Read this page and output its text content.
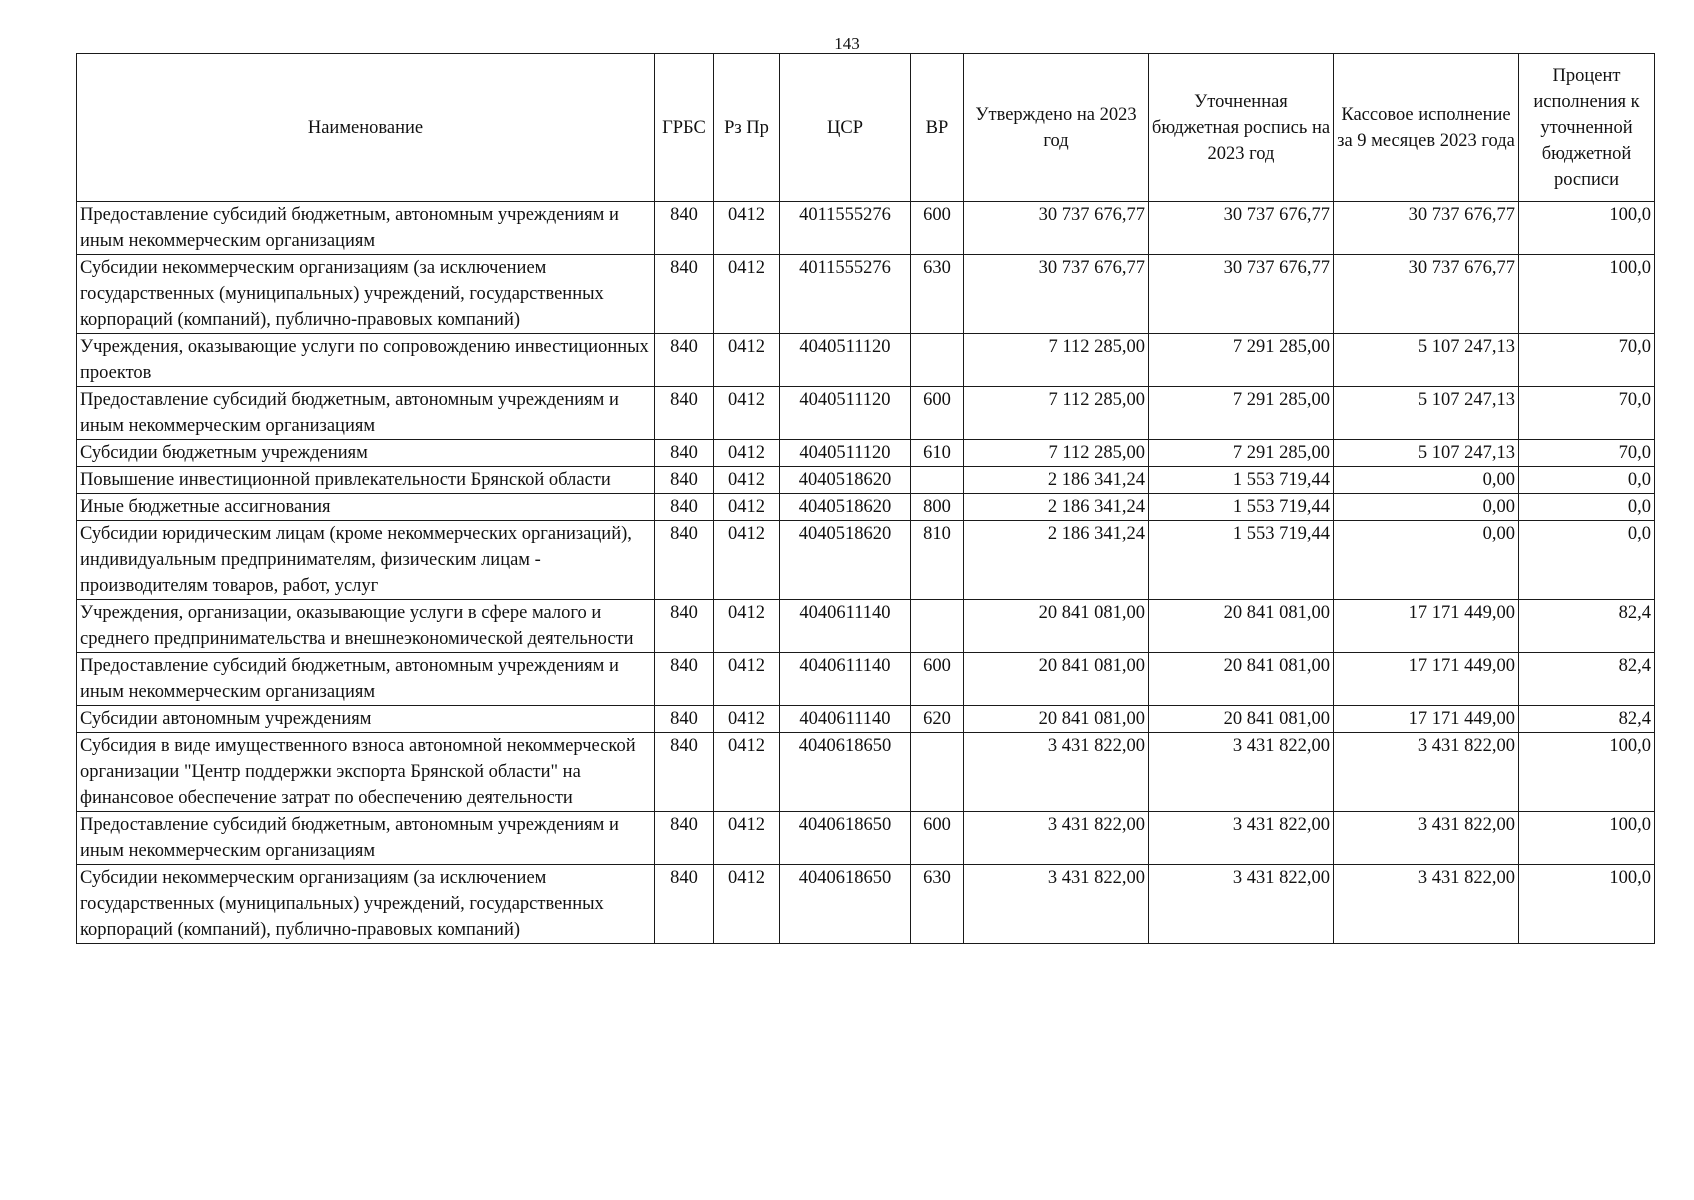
143
Наименование	ГРБС	Рз Пр	ЦСР	ВР	Утверждено на 2023 год	Уточненная бюджетная роспись на 2023 год	Кассовое исполнение за 9 месяцев 2023 года	Процент исполнения к уточненной бюджетной росписи
Предоставление субсидий бюджетным, автономным учреждениям и иным некоммерческим организациям	840	0412	4011555276	600	30 737 676,77	30 737 676,77	30 737 676,77	100,0
Субсидии некоммерческим организациям (за исключением государственных (муниципальных) учреждений, государственных корпораций (компаний), публично-правовых компаний)	840	0412	4011555276	630	30 737 676,77	30 737 676,77	30 737 676,77	100,0
Учреждения, оказывающие услуги по сопровождению инвестиционных проектов	840	0412	4040511120		7 112 285,00	7 291 285,00	5 107 247,13	70,0
Предоставление субсидий бюджетным, автономным учреждениям и иным некоммерческим организациям	840	0412	4040511120	600	7 112 285,00	7 291 285,00	5 107 247,13	70,0
Субсидии бюджетным учреждениям	840	0412	4040511120	610	7 112 285,00	7 291 285,00	5 107 247,13	70,0
Повышение инвестиционной привлекательности Брянской области	840	0412	4040518620		2 186 341,24	1 553 719,44	0,00	0,0
Иные бюджетные ассигнования	840	0412	4040518620	800	2 186 341,24	1 553 719,44	0,00	0,0
Субсидии юридическим лицам (кроме некоммерческих организаций), индивидуальным предпринимателям, физическим лицам - производителям товаров, работ, услуг	840	0412	4040518620	810	2 186 341,24	1 553 719,44	0,00	0,0
Учреждения, организации, оказывающие услуги в сфере малого и среднего предпринимательства и внешнеэкономической деятельности	840	0412	4040611140		20 841 081,00	20 841 081,00	17 171 449,00	82,4
Предоставление субсидий бюджетным, автономным учреждениям и иным некоммерческим организациям	840	0412	4040611140	600	20 841 081,00	20 841 081,00	17 171 449,00	82,4
Субсидии автономным учреждениям	840	0412	4040611140	620	20 841 081,00	20 841 081,00	17 171 449,00	82,4
Субсидия в виде имущественного взноса автономной некоммерческой организации "Центр поддержки экспорта Брянской области" на финансовое обеспечение затрат по обеспечению деятельности	840	0412	4040618650		3 431 822,00	3 431 822,00	3 431 822,00	100,0
Предоставление субсидий бюджетным, автономным учреждениям и иным некоммерческим организациям	840	0412	4040618650	600	3 431 822,00	3 431 822,00	3 431 822,00	100,0
Субсидии некоммерческим организациям (за исключением государственных (муниципальных) учреждений, государственных корпораций (компаний), публично-правовых компаний)	840	0412	4040618650	630	3 431 822,00	3 431 822,00	3 431 822,00	100,0
